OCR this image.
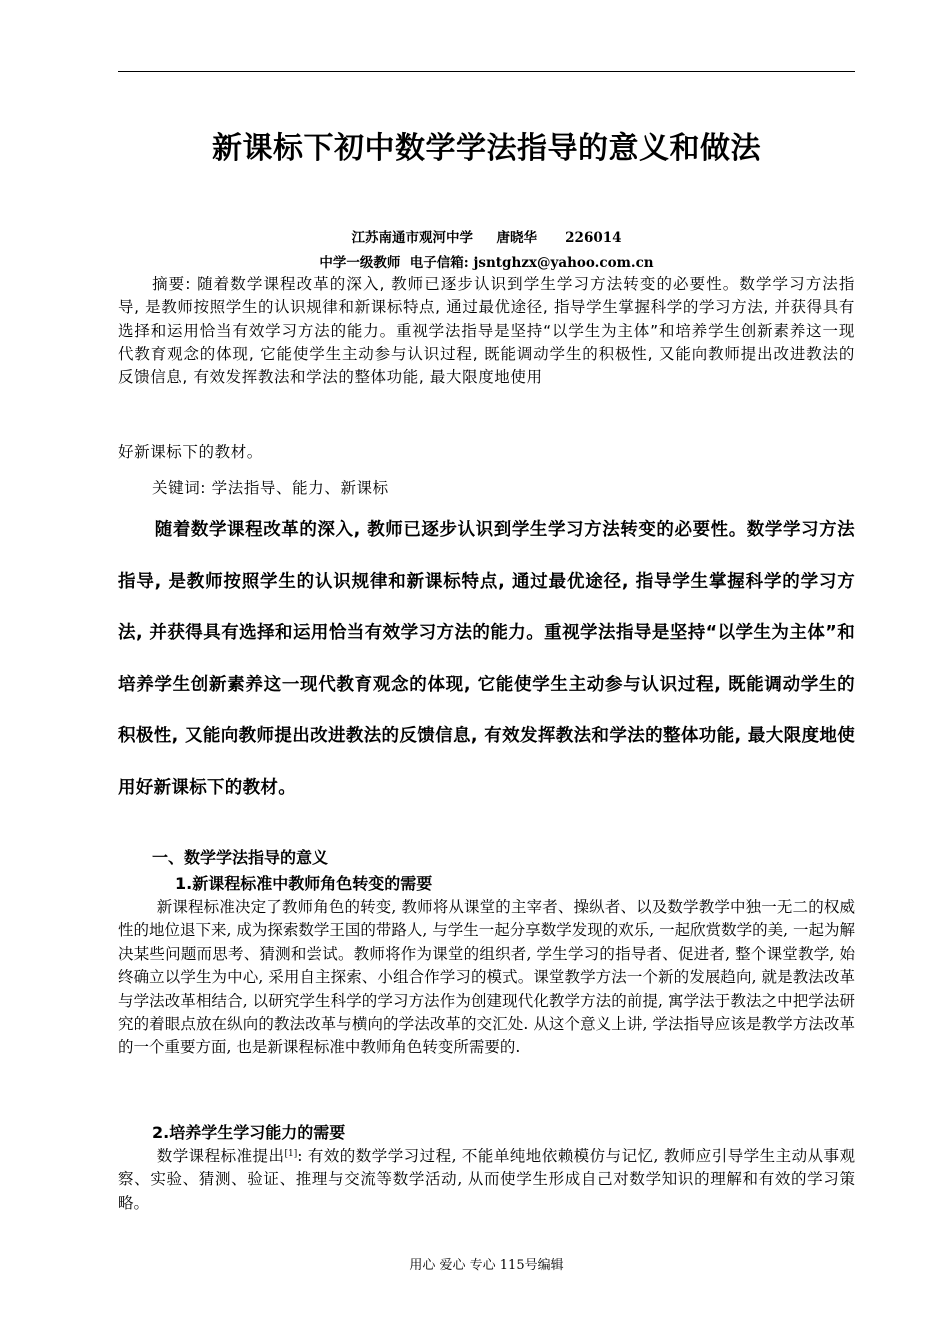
新课标下初中数学学法指导的意义和做法
江苏南通市观河中学     唐晓华      226014
中学一级教师  电子信箱: jsntghzx@yahoo.com.cn

摘要: 随着数学课程改革的深入, 教师已逐步认识到学生学习方法转变的必要性。数学学习方法指导, 是教师按照学生的认识规律和新课标特点, 通过最优途径, 指导学生掌握科学的学习方法, 并获得具有选择和运用恰当有效学习方法的能力。重视学法指导是坚持“以学生为主体”和培养学生创新素养这一现代教育观念的体现, 它能使学生主动参与认识过程, 既能调动学生的积极性, 又能向教师提出改进教法的反馈信息, 有效发挥教法和学法的整体功能, 最大限度地使用

好新课标下的教材。
关键词: 学法指导、能力、新课标

随着数学课程改革的深入, 教师已逐步认识到学生学习方法转变的必要性。数学学习方法指导, 是教师按照学生的认识规律和新课标特点, 通过最优途径, 指导学生掌握科学的学习方法, 并获得具有选择和运用恰当有效学习方法的能力。重视学法指导是坚持“以学生为主体”和培养学生创新素养这一现代教育观念的体现, 它能使学生主动参与认识过程, 既能调动学生的积极性, 又能向教师提出改进教法的反馈信息, 有效发挥教法和学法的整体功能, 最大限度地使用好新课标下的教材。

一、数学学法指导的意义
1.新课程标准中教师角色转变的需要

新课程标准决定了教师角色的转变, 教师将从课堂的主宰者、操纵者、以及数学教学中独一无二的权威性的地位退下来, 成为探索数学王国的带路人, 与学生一起分享数学发现的欢乐, 一起欣赏数学的美, 一起为解决某些问题而思考、猜测和尝试。教师将作为课堂的组织者, 学生学习的指导者、促进者, 整个课堂教学, 始终确立以学生为中心, 采用自主探索、小组合作学习的模式。课堂教学方法一个新的发展趋向, 就是教法改革与学法改革相结合, 以研究学生科学的学习方法作为创建现代化教学方法的前提, 寓学法于教法之中把学法研究的着眼点放在纵向的教法改革与横向的学法改革的交汇处. 从这个意义上讲, 学法指导应该是教学方法改革的一个重要方面, 也是新课程标准中教师角色转变所需要的.

2.培养学生学习能力的需要

数学课程标准提出[1]: 有效的数学学习过程, 不能单纯地依赖模仿与记忆, 教师应引导学生主动从事观察、实验、猜测、验证、推理与交流等数学活动, 从而使学生形成自己对数学知识的理解和有效的学习策略。

用心 爱心 专心 115号编辑
